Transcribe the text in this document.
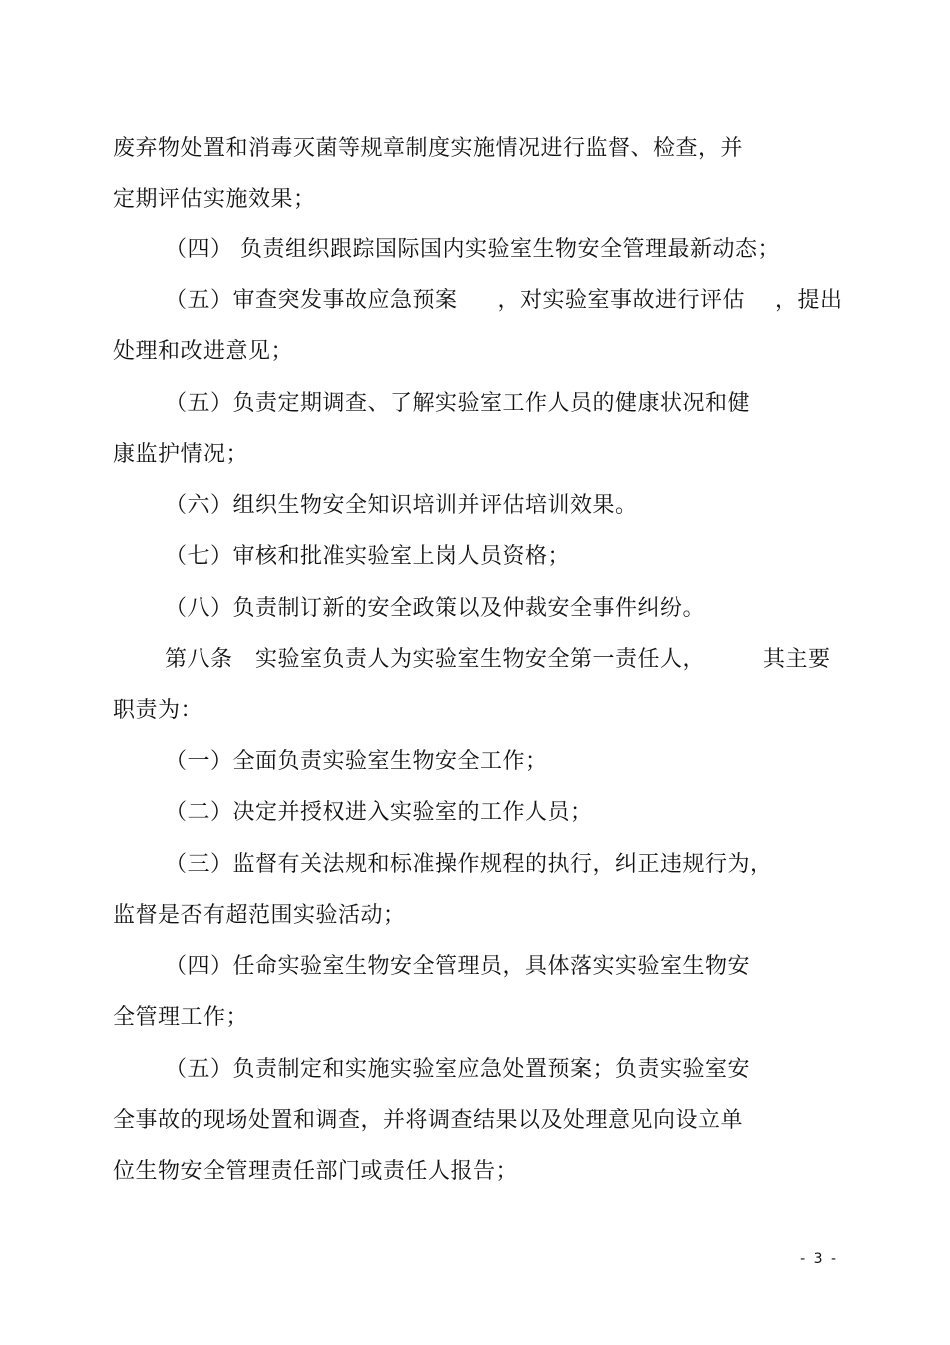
废弃物处置和消毒灭菌等规章制度实施情况进行监督、检查，并
定期评估实施效果；
（四） 负责组织跟踪国际国内实验室生物安全管理最新动态；
（五）审查突发事故应急预案 ，对实验室事故进行评估 ，提出
处理和改进意见；
（五）负责定期调查、了解实验室工作人员的健康状况和健
康监护情况；
（六）组织生物安全知识培训并评估培训效果。
（七）审核和批准实验室上岗人员资格；
（八）负责制订新的安全政策以及仲裁安全事件纠纷。
第八条　实验室负责人为实验室生物安全第一责任人，	其主要
职责为：
（一）全面负责实验室生物安全工作；
（二）决定并授权进入实验室的工作人员；
（三）监督有关法规和标准操作规程的执行，纠正违规行为，
监督是否有超范围实验活动；
（四）任命实验室生物安全管理员，具体落实实验室生物安
全管理工作；
（五）负责制定和实施实验室应急处置预案；负责实验室安
全事故的现场处置和调查，并将调查结果以及处理意见向设立单
位生物安全管理责任部门或责任人报告；
- 3 -
